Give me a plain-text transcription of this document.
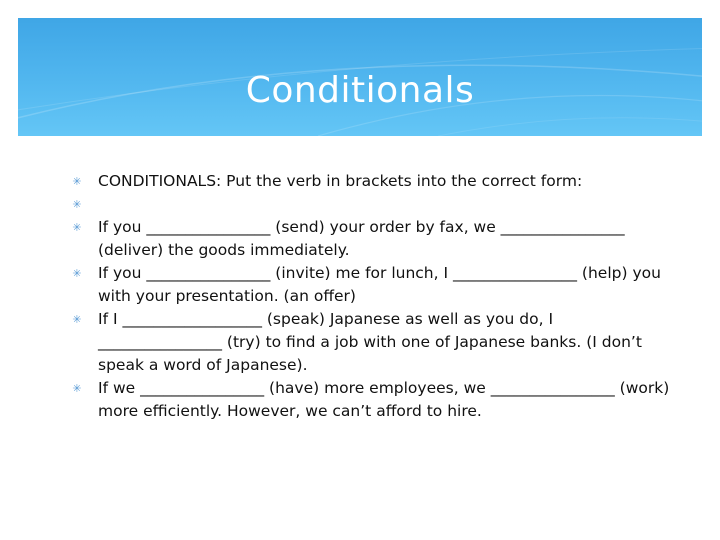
Conditionals
✳ CONDITIONALS: Put the verb in brackets into the correct form:
✳

✳ If you ________________ (send) your order by fax, we ________________ (deliver) the goods immediately.
✳ If you ________________ (invite) me for lunch, I ________________ (help) you with your presentation. (an offer)
✳ If I __________________ (speak) Japanese as well as you do, I ________________ (try) to find a job with one of Japanese banks. (I don’t speak a word of Japanese).
✳ If we ________________ (have) more employees, we ________________ (work) more efficiently. However, we can’t afford to hire.
